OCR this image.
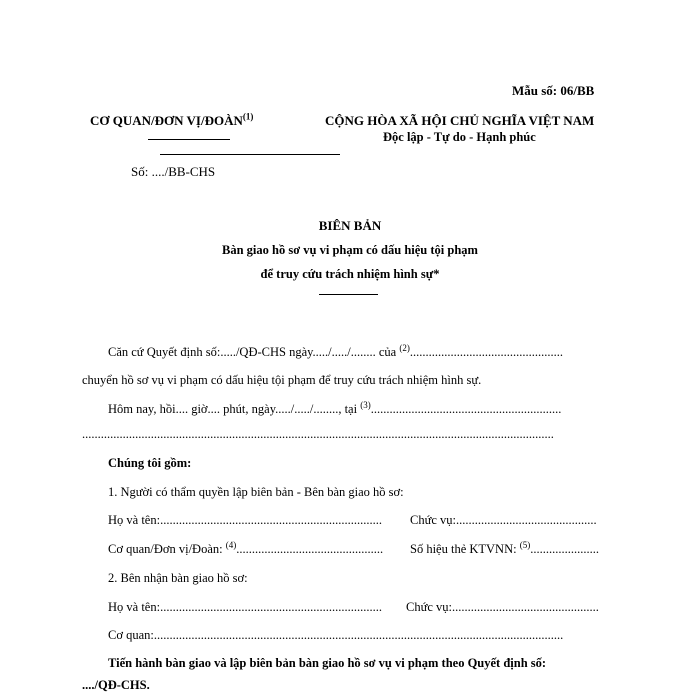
Mẫu số: 06/BB
CƠ QUAN/ĐƠN VỊ/ĐOÀN$^{(1)}$	CỘNG HÒA XÃ HỘI CHỦ NGHĨA VIỆT NAM
Độc lập - Tự do - Hạnh phúc
Số: ..../BB-CHS
BIÊN BẢN
Bàn giao hồ sơ vụ vi phạm có dấu hiệu tội phạm
để truy cứu trách nhiệm hình sự*
Căn cứ Quyết định số:...../QĐ-CHS ngày...../...../........ của $^{(2)}$.................................................
chuyển hồ sơ vụ vi phạm có dấu hiệu tội phạm để truy cứu trách nhiệm hình sự.
Hôm nay, hồi.... giờ.... phút, ngày...../...../........, tại $^{(3)}$.............................................................
.......................................................................................................................................................
Chúng tôi gồm:
1. Người có thẩm quyền lập biên bản - Bên bàn giao hồ sơ:
Họ và tên:....................................................................... Chức vụ:.............................................
Cơ quan/Đơn vị/Đoàn: $^{(4)}$............................................... Số hiệu thẻ KTVNN: $^{(5)}$......................
2. Bên nhận bàn giao hồ sơ:
Họ và tên:....................................................................... Chức vụ:...............................................
Cơ quan:...................................................................................................................................
Tiến hành bàn giao và lập biên bản bàn giao hồ sơ vụ vi phạm theo Quyết định số:
..../QĐ-CHS.
